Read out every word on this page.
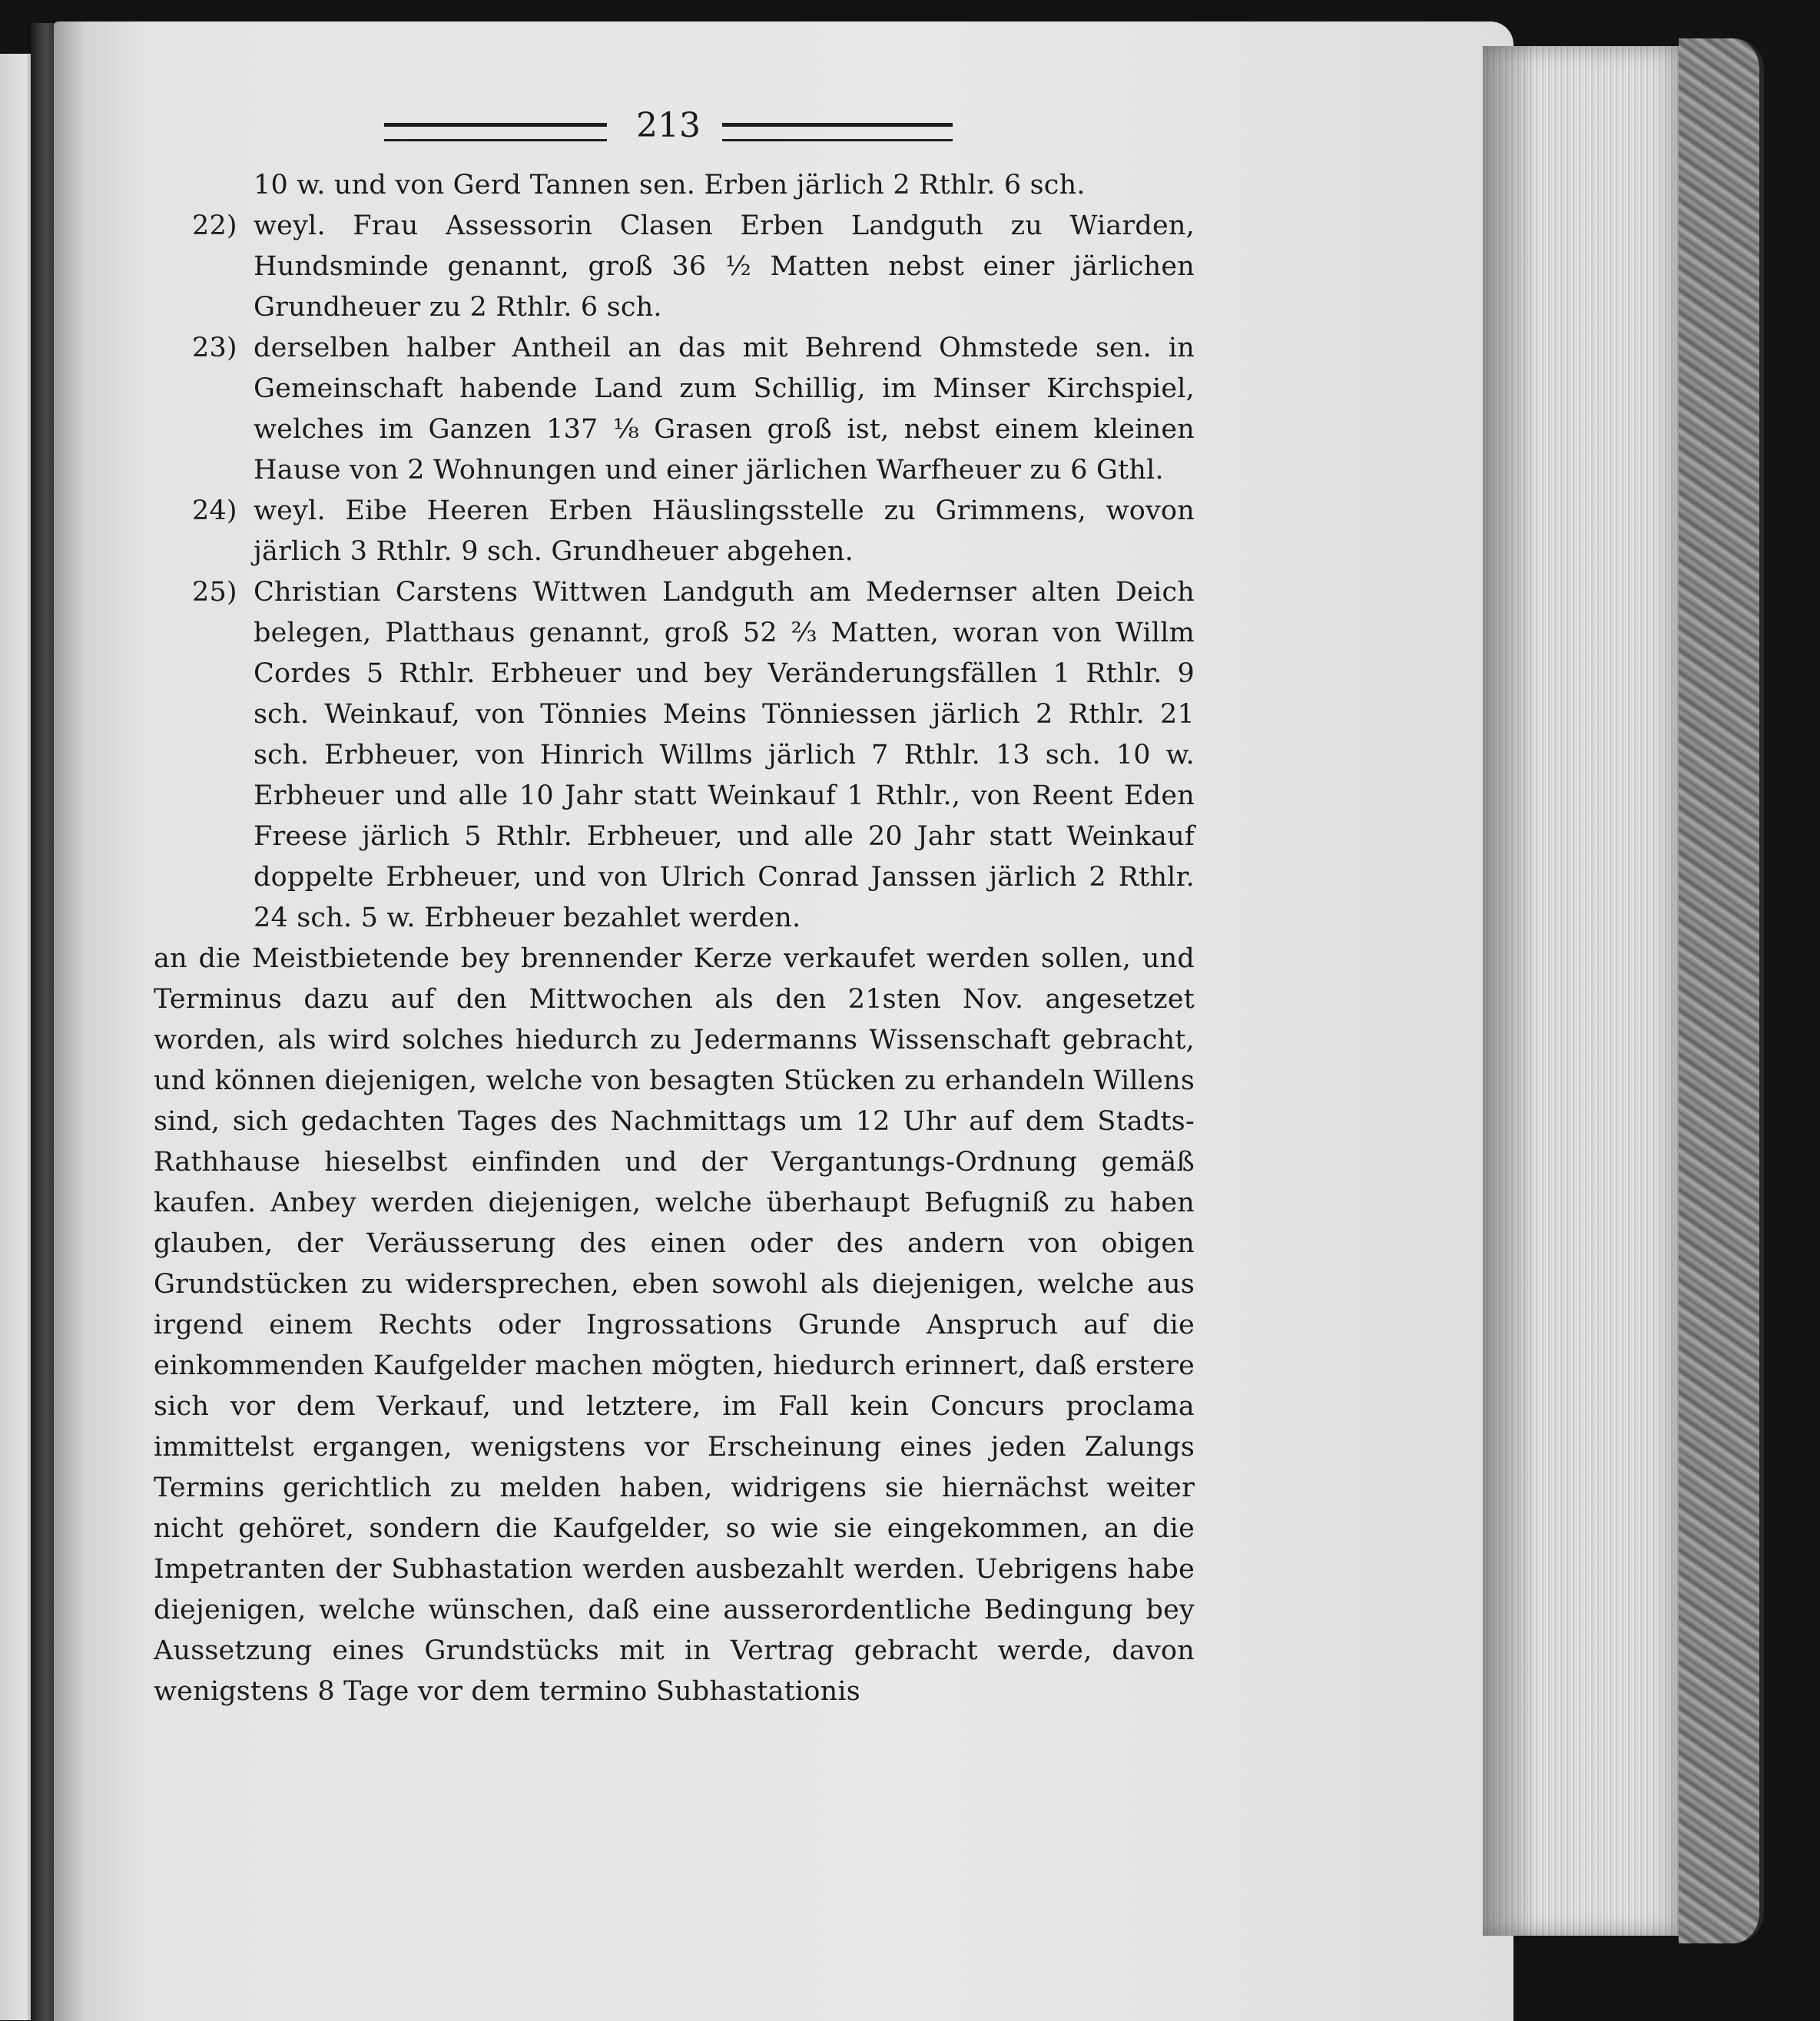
213

10 w. und von Gerd Tannen sen. Erben järlich 2 Rthlr. 6 sch.

22) weyl. Frau Assessorin Clasen Erben Landguth zu Wiarden, Hundsminde genannt, groß 36 ½ Matten nebst einer järlichen Grundheuer zu 2 Rthlr. 6 sch.

23) derselben halber Antheil an das mit Behrend Ohmstede sen. in Gemeinschaft habende Land zum Schillig, im Minser Kirchspiel, welches im Ganzen 137 ⅛ Grasen groß ist, nebst einem kleinen Hause von 2 Wohnungen und einer järlichen Warfheuer zu 6 Gthl.

24) weyl. Eibe Heeren Erben Häuslingsstelle zu Grimmens, wovon järlich 3 Rthlr. 9 sch. Grundheuer abgehen.

25) Christian Carstens Wittwen Landguth am Medernser alten Deich belegen, Platthaus genannt, groß 52 ⅔ Matten, woran von Willm Cordes 5 Rthlr. Erbheuer und bey Veränderungsfällen 1 Rthlr. 9 sch. Weinkauf, von Tönnies Meins Tönniessen järlich 2 Rthlr. 21 sch. Erbheuer, von Hinrich Willms järlich 7 Rthlr. 13 sch. 10 w. Erbheuer und alle 10 Jahr statt Weinkauf 1 Rthlr., von Reent Eden Freese järlich 5 Rthlr. Erbheuer, und alle 20 Jahr statt Weinkauf doppelte Erbheuer, und von Ulrich Conrad Janssen järlich 2 Rthlr. 24 sch. 5 w. Erbheuer bezahlet werden.

an die Meistbietende bey brennender Kerze verkaufet werden sollen, und Terminus dazu auf den Mittwochen als den 21sten Nov. angesetzet worden, als wird solches hiedurch zu Jedermanns Wissenschaft gebracht, und können diejenigen, welche von besagten Stücken zu erhandeln Willens sind, sich gedachten Tages des Nachmittags um 12 Uhr auf dem Stadts-Rathhause hieselbst einfinden und der Vergantungs-Ordnung gemäß kaufen. Anbey werden diejenigen, welche überhaupt Befugniß zu haben glauben, der Veräusserung des einen oder des andern von obigen Grundstücken zu widersprechen, eben sowohl als diejenigen, welche aus irgend einem Rechts oder Ingrossations Grunde Anspruch auf die einkommenden Kaufgelder machen mögten, hiedurch erinnert, daß erstere sich vor dem Verkauf, und letztere, im Fall kein Concurs proclama immittelst ergangen, wenigstens vor Erscheinung eines jeden Zalungs Termins gerichtlich zu melden haben, widrigens sie hiernächst weiter nicht gehöret, sondern die Kaufgelder, so wie sie eingekommen, an die Impetranten der Subhastation werden ausbezahlt werden. Uebrigens habe diejenigen, welche wünschen, daß eine ausserordentliche Bedingung bey Aussetzung eines Grundstücks mit in Vertrag gebracht werde, davon wenigstens 8 Tage vor dem termino Subhastationis
